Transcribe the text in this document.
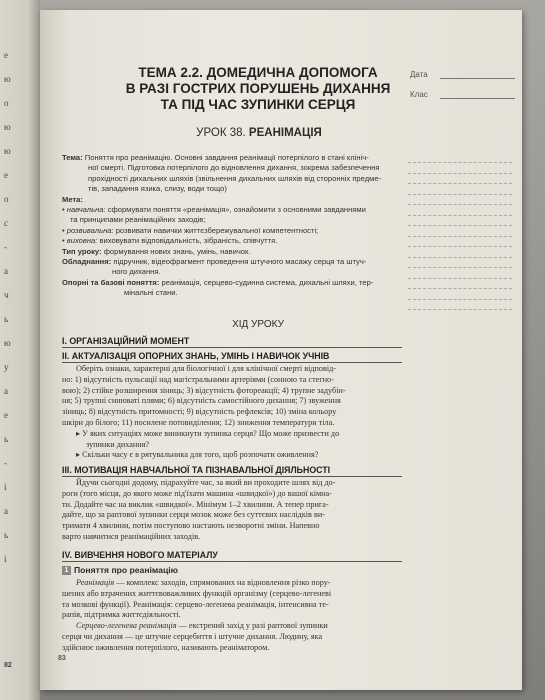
e
ю
о
ю
ю
e
o
c
-
a
ч
ь
ю
у
a
e
ь
-
i
a
ь
i
82
ТЕМА 2.2. ДОМЕДИЧНА ДОПОМОГА
В РАЗІ ГОСТРИХ ПОРУШЕНЬ ДИХАННЯ
ТА ПІД ЧАС ЗУПИНКИ СЕРЦЯ
Дата
Клас
УРОК 38. РЕАНІМАЦІЯ
Тема: Поняття про реанімацію. Основні завдання реанімації потерпілого в стані клініч-
ної смерті. Підготовка потерпілого до відновлення дихання, зокрема забезпечення
прохідності дихальних шляхів (звільнення дихальних шляхів від сторонніх предме-
тів, западання язика, слизу, води тощо)
Мета:
• навчальна: сформувати поняття «реанімація», ознайомити з основними завданнями
та принципами реанімаційних заходів;
• розвивальна: розвивати навички життєзбережувальної компетентності;
• виховна: виховувати відповідальність, зібраність, співчуття.
Тип уроку: формування нових знань, умінь, навичок.
Обладнання: підручник, відеофрагмент проведення штучного масажу серця та штуч-
ного дихання.
Опорні та базові поняття: реанімація, серцево-судинна система, дихальні шляхи, тер-
мінальні стани.
ХІД УРОКУ
І. ОРГАНІЗАЦІЙНИЙ МОМЕНТ
ІІ. АКТУАЛІЗАЦІЯ ОПОРНИХ ЗНАНЬ, УМІНЬ І НАВИЧОК УЧНІВ
Оберіть ознаки, характерні для біологічної і для клінічної смерті відповід-
но: 1) відсутність пульсації над магістральними артеріями (сонною та стегно-
вою); 2) стійке розширення зіниць; 3) відсутність фотореакції; 4) трупне задубін-
ня; 5) трупні синюваті плями; 6) відсутність самостійного дихання; 7) звуження
зіниць; 8) відсутність притомності; 9) відсутність рефлексів; 10) зміна кольору
шкіри до білого; 11) посилене потовиділення; 12) зниження температури тіла.
▸ У яких ситуаціях може виникнути зупинка серця? Що може призвести до
зупинки дихання?
▸ Скільки часу є в рятувальника для того, щоб розпочати оживлення?
ІІІ. МОТИВАЦІЯ НАВЧАЛЬНОЇ ТА ПІЗНАВАЛЬНОЇ ДІЯЛЬНОСТІ
Йдучи сьогодні додому, підрахуйте час, за який ви проходите шлях від до-
роги (того місця, до якого може під'їхати машина «швидкої») до вашої кімна-
ти. Додайте час на виклик «швидкої». Мінімум 1–2 хвилини. А тепер прига-
дайте, що за раптової зупинки серця мозок може без суттєвих наслідків ви-
тримати 4 хвилини, потім поступово настають незворотні зміни. Напевно
варто навчитися реанімаційних заходів.
IV. ВИВЧЕННЯ НОВОГО МАТЕРІАЛУ
1 Поняття про реанімацію
Реанімація — комплекс заходів, спрямованих на відновлення різко пору-
шених або втрачених життєвоважливих функцій організму (серцево-легеневі
та мозкові функції). Реанімація: серцево-легенева реанімація, інтенсивна те-
рапія, підтримка життєдіяльності.
Серцево-легенева реанімація — екстрений захід у разі раптової зупинки
серця чи дихання — це штучне серцебиття і штучне дихання. Людину, яка
здійснює оживлення потерпілого, називають реаніматором.
83
